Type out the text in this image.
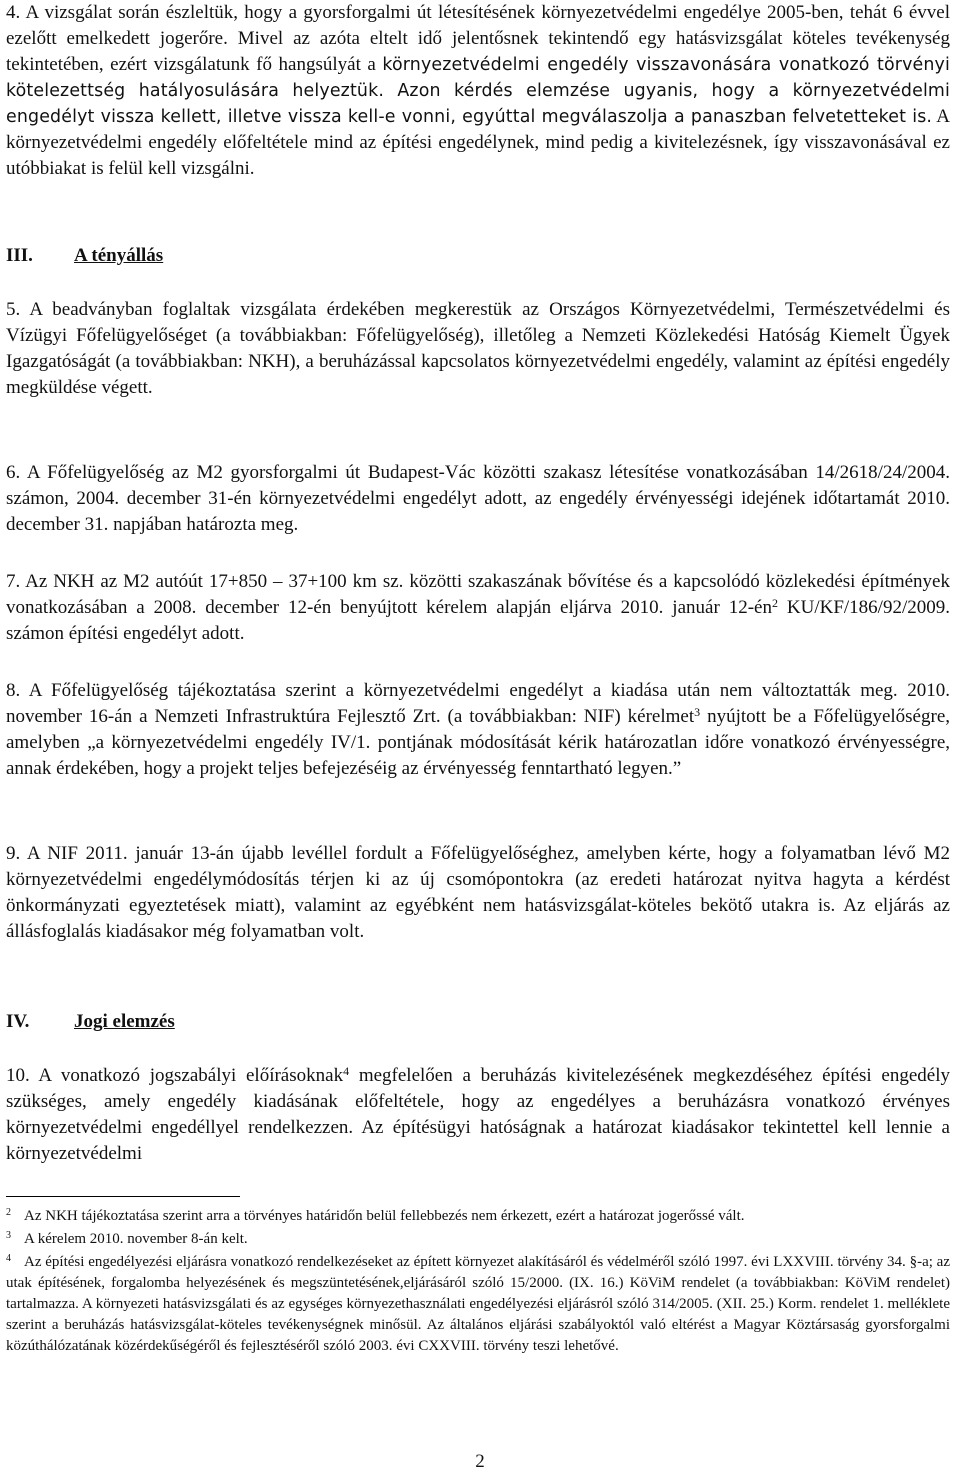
4. A vizsgálat során észleltük, hogy a gyorsforgalmi út létesítésének környezetvédelmi engedélye 2005-ben, tehát 6 évvel ezelőtt emelkedett jogerőre. Mivel az azóta eltelt idő jelentősnek tekintendő egy hatásvizsgálat köteles tevékenység tekintetében, ezért vizsgálatunk fő hangsúlyát a környezetvédelmi engedély visszavonására vonatkozó törvényi kötelezettség hatályosulására helyeztük. Azon kérdés elemzése ugyanis, hogy a környezetvédelmi engedélyt vissza kellett, illetve vissza kell-e vonni, egyúttal megválaszolja a panaszban felvetetteket is. A környezetvédelmi engedély előfeltétele mind az építési engedélynek, mind pedig a kivitelezésnek, így visszavonásával ez utóbbiakat is felül kell vizsgálni.

III. A tényállás

5. A beadványban foglaltak vizsgálata érdekében megkerestük az Országos Környezetvédelmi, Természetvédelmi és Vízügyi Főfelügyelőséget (a továbbiakban: Főfelügyelőség), illetőleg a Nemzeti Közlekedési Hatóság Kiemelt Ügyek Igazgatóságát (a továbbiakban: NKH), a beruházással kapcsolatos környezetvédelmi engedély, valamint az építési engedély megküldése végett.

6. A Főfelügyelőség az M2 gyorsforgalmi út Budapest-Vác közötti szakasz létesítése vonatkozásában 14/2618/24/2004. számon, 2004. december 31-én környezetvédelmi engedélyt adott, az engedély érvényességi idejének időtartamát 2010. december 31. napjában határozta meg.

7. Az NKH az M2 autóút 17+850 – 37+100 km sz. közötti szakaszának bővítése és a kapcsolódó közlekedési építmények vonatkozásában a 2008. december 12-én benyújtott kérelem alapján eljárva 2010. január $12-én^2$ KU/KF/186/92/2009. számon építési engedélyt adott.

8. A Főfelügyelőség tájékoztatása szerint a környezetvédelmi engedélyt a kiadása után nem változtatták meg. 2010. november 16-án a Nemzeti Infrastruktúra Fejlesztő Zrt. (a továbbiakban: NIF) kérelmet$^3$ nyújtott be a Főfelügyelőségre, amelyben „a környezetvédelmi engedély IV/1. pontjának módosítását kérik határozatlan időre vonatkozó érvényességre, annak érdekében, hogy a projekt teljes befejezéséig az érvényesség fenntartható legyen.”

9. A NIF 2011. január 13-án újabb levéllel fordult a Főfelügyelőséghez, amelyben kérte, hogy a folyamatban lévő M2 környezetvédelmi engedélymódosítás térjen ki az új csomópontokra (az eredeti határozat nyitva hagyta a kérdést önkormányzati egyeztetések miatt), valamint az egyébként nem hatásvizsgálat-köteles bekötő utakra is. Az eljárás az állásfoglalás kiadásakor még folyamatban volt.

IV. Jogi elemzés

10. A vonatkozó jogszabályi előírásoknak$^4$ megfelelően a beruházás kivitelezésének megkezdéséhez építési engedély szükséges, amely engedély kiadásának előfeltétele, hogy az engedélyes a beruházásra vonatkozó érvényes környezetvédelmi engedéllyel rendelkezzen. Az építésügyi hatóságnak a határozat kiadásakor tekintettel kell lennie a környezetvédelmi

$^2$ Az NKH tájékoztatása szerint arra a törvényes határidőn belül fellebbezés nem érkezett, ezért a határozat jogerőssé vált.

$^3$ A kérelem 2010. november 8-án kelt.

$^4$ Az építési engedélyezési eljárásra vonatkozó rendelkezéseket az épített környezet alakításáról és védelméről szóló 1997. évi LXXVIII. törvény 34. §-a; az utak építésének, forgalomba helyezésének és megszüntetésének,eljárásáról szóló 15/2000. (IX. 16.) KöViM rendelet (a továbbiakban: KöViM rendelet) tartalmazza. A környezeti hatásvizsgálati és az egységes környezethasználati engedélyezési eljárásról szóló 314/2005. (XII. 25.) Korm. rendelet 1. melléklete szerint a beruházás hatásvizsgálat-köteles tevékenységnek minősül. Az általános eljárási szabályoktól való eltérést a Magyar Köztársaság gyorsforgalmi közúthálózatának közérdekűségéről és fejlesztéséről szóló 2003. évi CXXVIII. törvény teszi lehetővé.

2
